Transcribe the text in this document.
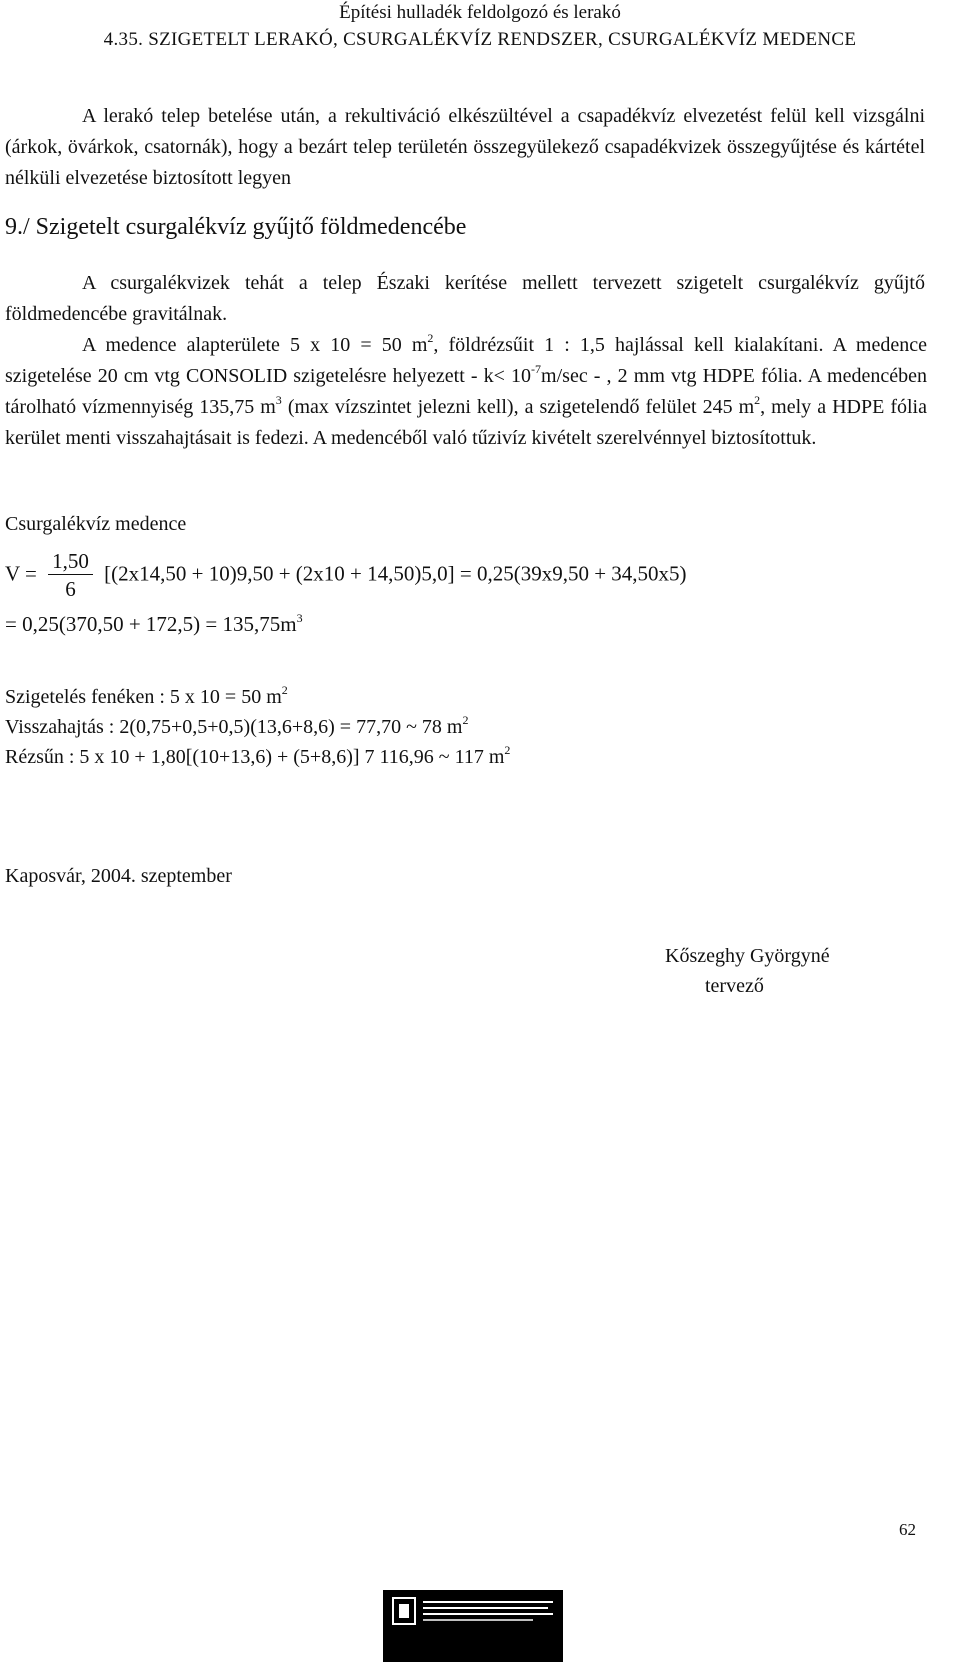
Építési hulladék feldolgozó és lerakó
4.35. SZIGETELT LERAKÓ, CSURGALÉKVÍZ RENDSZER, CSURGALÉKVÍZ MEDENCE
A lerakó telep betelése után, a rekultiváció elkészültével a csapadékvíz elvezetést felül kell vizsgálni (árkok, övárkok, csatornák), hogy a bezárt telep területén összegyülekező csapadékvizek összegyűjtése és kártétel nélküli elvezetése biztosított legyen
9./ Szigetelt csurgalékvíz gyűjtő földmedencébe
A csurgalékvizek tehát a telep Északi kerítése mellett tervezett szigetelt csurgalékvíz gyűjtő földmedencébe gravitálnak.
A medence alapterülete 5 x 10 = 50 $m^2$, földrézsűit 1 : 1,5 hajlással kell kialakítani. A medence szigetelése 20 cm vtg CONSOLID szigetelésre helyezett - $k< 10^{-7}m/\sec$ - , 2 mm vtg HDPE fólia. A medencében tárolható vízmennyiség 135,75 $m^3$ (max vízszintet jelezni kell), a szigetelendő felület 245 $m^2$, mely a HDPE fólia kerület menti visszahajtásait is fedezi. A medencéből való tűzivíz kivételt szerelvénnyel biztosítottuk.
Csurgalékvíz medence
$V = \frac{1,50}{6} [(2x14,50 + 10)9,50 + (2x10 + 14,50)5,0] = 0,25(39x9,50 + 34,50x5)$
= $0,25(370,50 + 172,5) = 135,75m^3$
Szigetelés fenéken : 5 x 10 = 50 $m^2$
Visszahajtás : 2(0,75+0,5+0,5)(13,6+8,6) = 77,70 ~ 78 $m^2$
Rézsűn : 5 x 10 + 1,80[(10+13,6) + (5+8,6)] 7 116,96 ~ 117 $m^2$
Kaposvár, 2004. szeptember
Kőszeghy Györgyné
tervező
62
